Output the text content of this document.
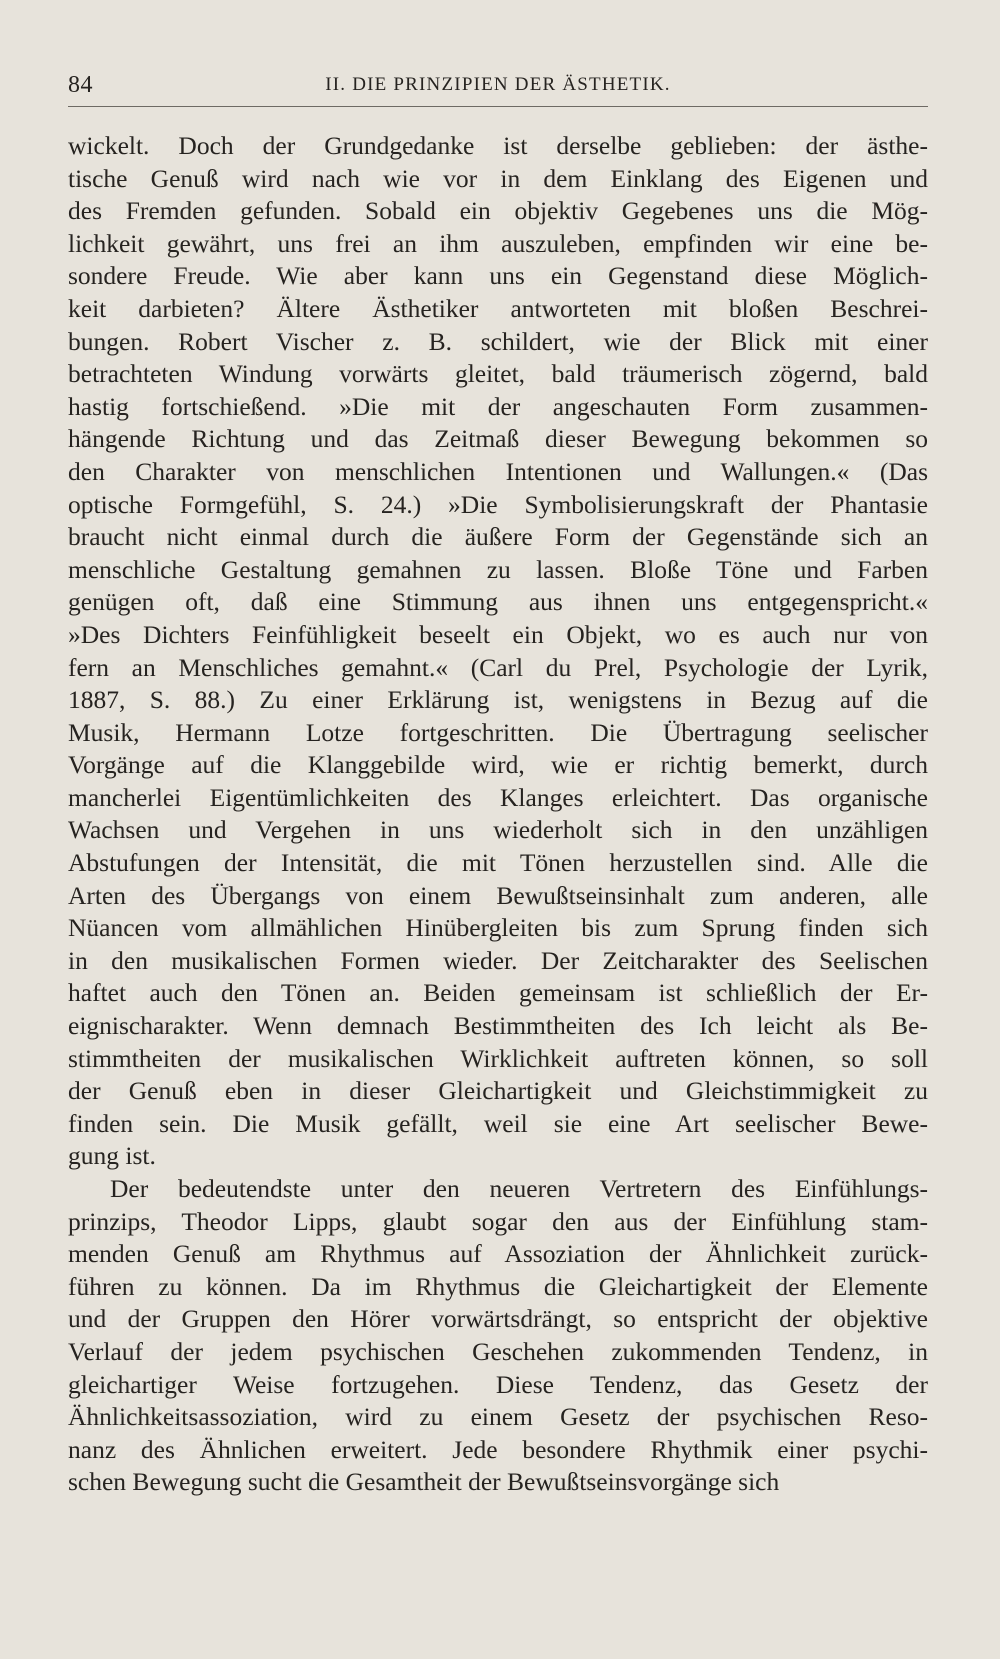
84	II. DIE PRINZIPIEN DER ÄSTHETIK.
wickelt. Doch der Grundgedanke ist derselbe geblieben: der ästhe-
tische Genuß wird nach wie vor in dem Einklang des Eigenen und
des Fremden gefunden. Sobald ein objektiv Gegebenes uns die Mög-
lichkeit gewährt, uns frei an ihm auszuleben, empfinden wir eine be-
sondere Freude. Wie aber kann uns ein Gegenstand diese Möglich-
keit darbieten? Ältere Ästhetiker antworteten mit bloßen Beschrei-
bungen. Robert Vischer z. B. schildert, wie der Blick mit einer
betrachteten Windung vorwärts gleitet, bald träumerisch zögernd, bald
hastig fortschießend. »Die mit der angeschauten Form zusammen-
hängende Richtung und das Zeitmaß dieser Bewegung bekommen so
den Charakter von menschlichen Intentionen und Wallungen.« (Das
optische Formgefühl, S. 24.) »Die Symbolisierungskraft der Phantasie
braucht nicht einmal durch die äußere Form der Gegenstände sich an
menschliche Gestaltung gemahnen zu lassen. Bloße Töne und Farben
genügen oft, daß eine Stimmung aus ihnen uns entgegenspricht.«
»Des Dichters Feinfühligkeit beseelt ein Objekt, wo es auch nur von
fern an Menschliches gemahnt.« (Carl du Prel, Psychologie der Lyrik,
1887, S. 88.) Zu einer Erklärung ist, wenigstens in Bezug auf die
Musik, Hermann Lotze fortgeschritten. Die Übertragung seelischer
Vorgänge auf die Klanggebilde wird, wie er richtig bemerkt, durch
mancherlei Eigentümlichkeiten des Klanges erleichtert. Das organische
Wachsen und Vergehen in uns wiederholt sich in den unzähligen
Abstufungen der Intensität, die mit Tönen herzustellen sind. Alle die
Arten des Übergangs von einem Bewußtseinsinhalt zum anderen, alle
Nüancen vom allmählichen Hinübergleiten bis zum Sprung finden sich
in den musikalischen Formen wieder. Der Zeitcharakter des Seelischen
haftet auch den Tönen an. Beiden gemeinsam ist schließlich der Er-
eignischarakter. Wenn demnach Bestimmtheiten des Ich leicht als Be-
stimmtheiten der musikalischen Wirklichkeit auftreten können, so soll
der Genuß eben in dieser Gleichartigkeit und Gleichstimmigkeit zu
finden sein. Die Musik gefällt, weil sie eine Art seelischer Bewe-
gung ist.
Der bedeutendste unter den neueren Vertretern des Einfühlungs-
prinzips, Theodor Lipps, glaubt sogar den aus der Einfühlung stam-
menden Genuß am Rhythmus auf Assoziation der Ähnlichkeit zurück-
führen zu können. Da im Rhythmus die Gleichartigkeit der Elemente
und der Gruppen den Hörer vorwärtsdrängt, so entspricht der objektive
Verlauf der jedem psychischen Geschehen zukommenden Tendenz, in
gleichartiger Weise fortzugehen. Diese Tendenz, das Gesetz der
Ähnlichkeitsassoziation, wird zu einem Gesetz der psychischen Reso-
nanz des Ähnlichen erweitert. Jede besondere Rhythmik einer psychi-
schen Bewegung sucht die Gesamtheit der Bewußtseinsvorgänge sich
